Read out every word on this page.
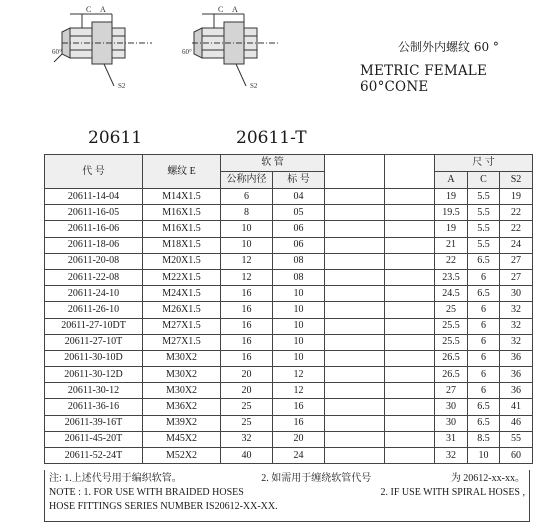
C A
S2
60°
C A
S2
60°	公制外内螺纹 60 °
METRIC FEMALE 60°CONE
20611	20611-T
代 号	螺纹 E	软 管				尺 寸		
		公称内径	标 号			A	C	S2
20611-14-04	M14X1.5	6	04			19	5.5	19
20611-16-05	M16X1.5	8	05			19.5	5.5	22
20611-16-06	M16X1.5	10	06			19	5.5	22
20611-18-06	M18X1.5	10	06			21	5.5	24
20611-20-08	M20X1.5	12	08			22	6.5	27
20611-22-08	M22X1.5	12	08			23.5	6	27
20611-24-10	M24X1.5	16	10			24.5	6.5	30
20611-26-10	M26X1.5	16	10			25	6	32
20611-27-10DT	M27X1.5	16	10			25.5	6	32
20611-27-10T	M27X1.5	16	10			25.5	6	32
20611-30-10D	M30X2	16	10			26.5	6	36
20611-30-12D	M30X2	20	12			26.5	6	36
20611-30-12	M30X2	20	12			27	6	36
20611-36-16	M36X2	25	16			30	6.5	41
20611-39-16T	M39X2	25	16			30	6.5	46
20611-45-20T	M45X2	32	20			31	8.5	55
20611-52-24T	M52X2	40	24			32	10	60
注: 1.上述代号用于编织软管。	2. 如需用于缠绕软管代号	为 20612-xx-xx。
NOTE : 1. FOR USE WITH BRAIDED HOSES	2. IF USE WITH SPIRAL HOSES ,
HOSE FITTINGS SERIES NUMBER IS20612-XX-XX.
